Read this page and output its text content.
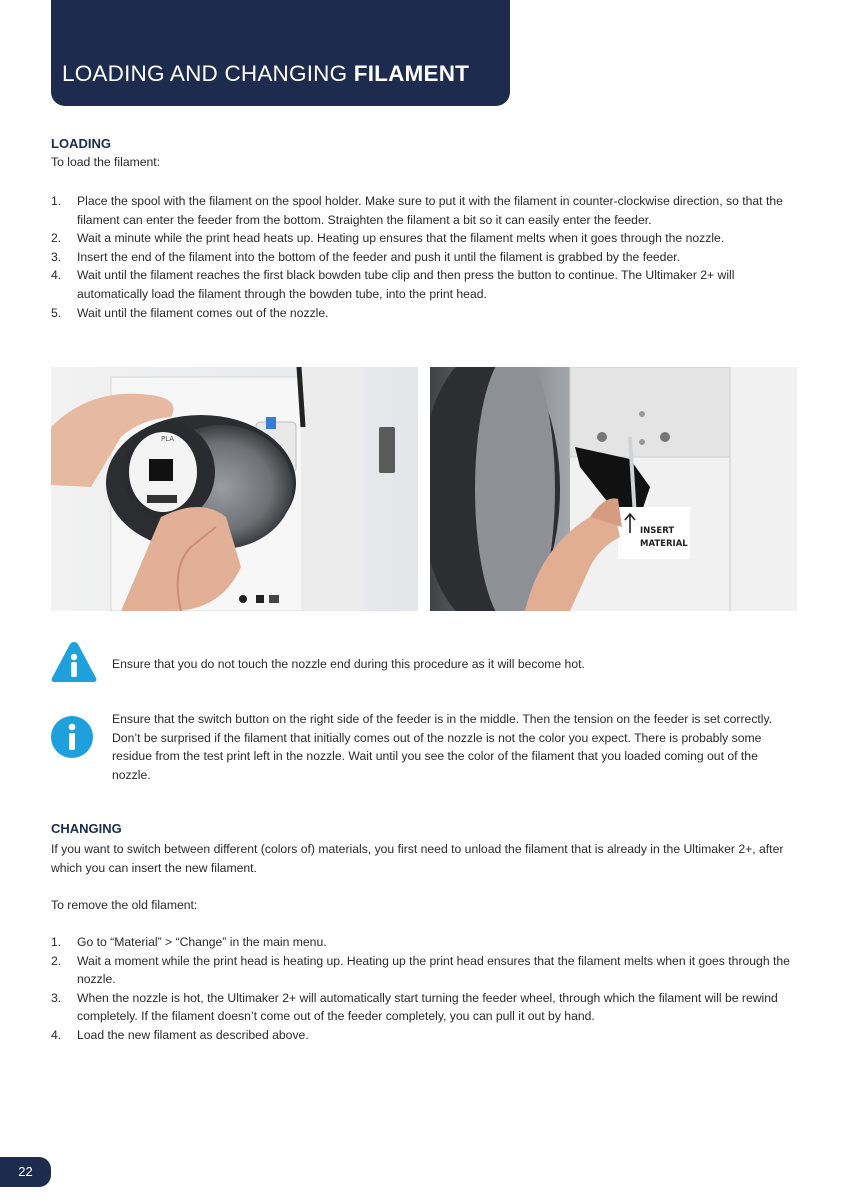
LOADING AND CHANGING FILAMENT
LOADING

To load the filament:

1. Place the spool with the filament on the spool holder. Make sure to put it with the filament in counter-clockwise direction, so that the filament can enter the feeder from the bottom. Straighten the filament a bit so it can easily enter the feeder.
2. Wait a minute while the print head heats up. Heating up ensures that the filament melts when it goes through the nozzle.
3. Insert the end of the filament into the bottom of the feeder and push it until the filament is grabbed by the feeder.
4. Wait until the filament reaches the first black bowden tube clip and then press the button to continue. The Ultimaker 2+ will automatically load the filament through the bowden tube, into the print head.
5. Wait until the filament comes out of the nozzle.
PLA
INSERT
MATERIAL

Ensure that you do not touch the nozzle end during this procedure as it will become hot.

Ensure that the switch button on the right side of the feeder is in the middle. Then the tension on the feeder is set correctly.
Don’t be surprised if the filament that initially comes out of the nozzle is not the color you expect. There is probably some residue from the test print left in the nozzle. Wait until you see the color of the filament that you loaded coming out of the nozzle.
CHANGING

If you want to switch between different (colors of) materials, you first need to unload the filament that is already in the Ultimaker 2+, after which you can insert the new filament.

To remove the old filament:

1. Go to “Material” > “Change” in the main menu.
2. Wait a moment while the print head is heating up. Heating up the print head ensures that the filament melts when it goes through the nozzle.
3. When the nozzle is hot, the Ultimaker 2+ will automatically start turning the feeder wheel, through which the filament will be rewind completely. If the filament doesn’t come out of the feeder completely, you can pull it out by hand.
4. Load the new filament as described above.
22
